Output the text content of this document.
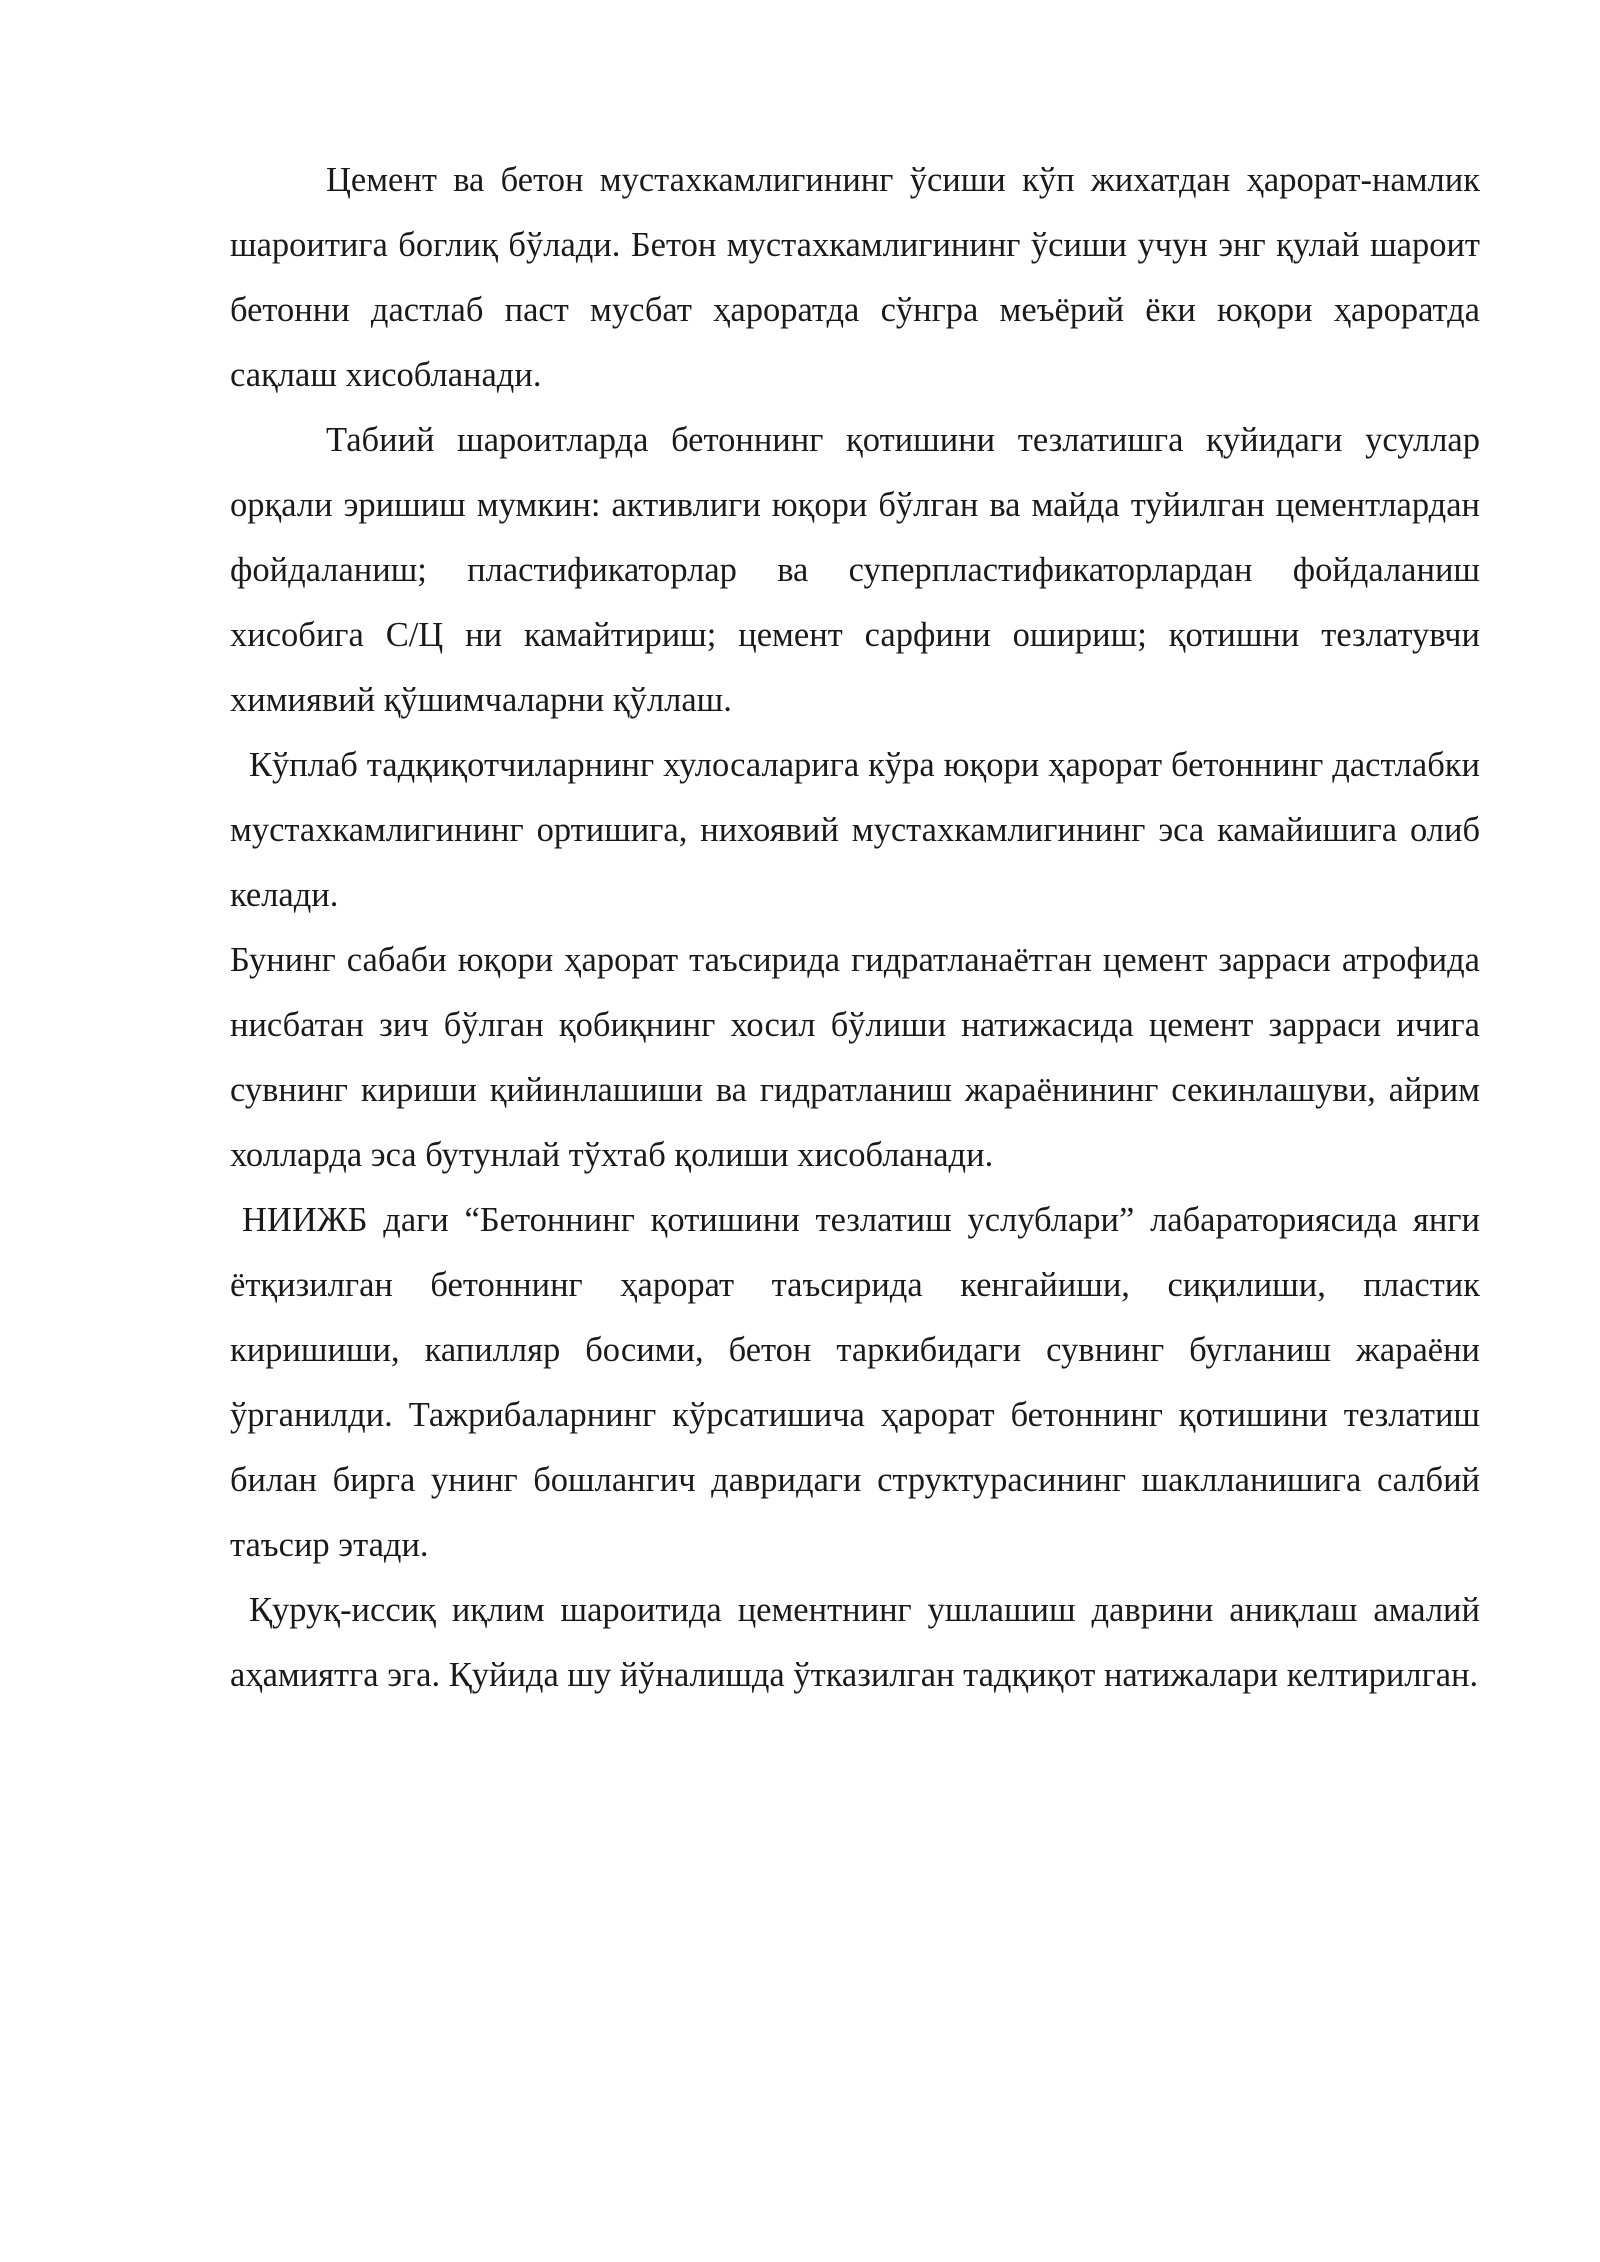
Цемент ва бетон мустахкамлигининг ўсиши кўп жихатдан ҳарорат-намлик шароитига боглиқ бўлади. Бетон мустахкамлигининг ўсиши учун энг қулай шароит бетонни дастлаб паст мусбат ҳароратда сўнгра меъёрий ёки юқори ҳароратда сақлаш хисобланади.

Табиий шароитларда бетоннинг қотишини тезлатишга қуйидаги усуллар орқали эришиш мумкин: активлиги юқори бўлган ва майда туйилган цементлардан фойдаланиш; пластификаторлар ва суперпластификаторлардан фойдаланиш хисобига С/Ц ни камайтириш; цемент сарфини ошириш; қотишни тезлатувчи химиявий қўшимчаларни қўллаш.

Кўплаб тадқиқотчиларнинг хулосаларига кўра юқори ҳарорат бетоннинг дастлабки мустахкамлигининг ортишига, нихоявий мустахкамлигининг эса камайишига олиб келади.

Бунинг сабаби юқори ҳарорат таъсирида гидратланаётган цемент зарраси атрофида нисбатан зич бўлган қобиқнинг хосил бўлиши натижасида цемент зарраси ичига сувнинг кириши қийинлашиши ва гидратланиш жараёнининг секинлашуви, айрим холларда эса бутунлай тўхтаб қолиши хисобланади.

НИИЖБ даги “Бетоннинг қотишини тезлатиш услублари” лабараториясида янги ётқизилган бетоннинг ҳарорат таъсирида кенгайиши, сиқилиши, пластик киришиши, капилляр босими, бетон таркибидаги сувнинг бугланиш жараёни ўрганилди. Тажрибаларнинг кўрсатишича ҳарорат бетоннинг қотишини тезлатиш билан бирга унинг бошлангич давридаги структурасининг шаклланишига салбий таъсир этади.

Қуруқ-иссиқ иқлим шароитида цементнинг ушлашиш даврини аниқлаш амалий аҳамиятга эга. Қуйида шу йўналишда ўтказилган тадқиқот натижалари келтирилган.
